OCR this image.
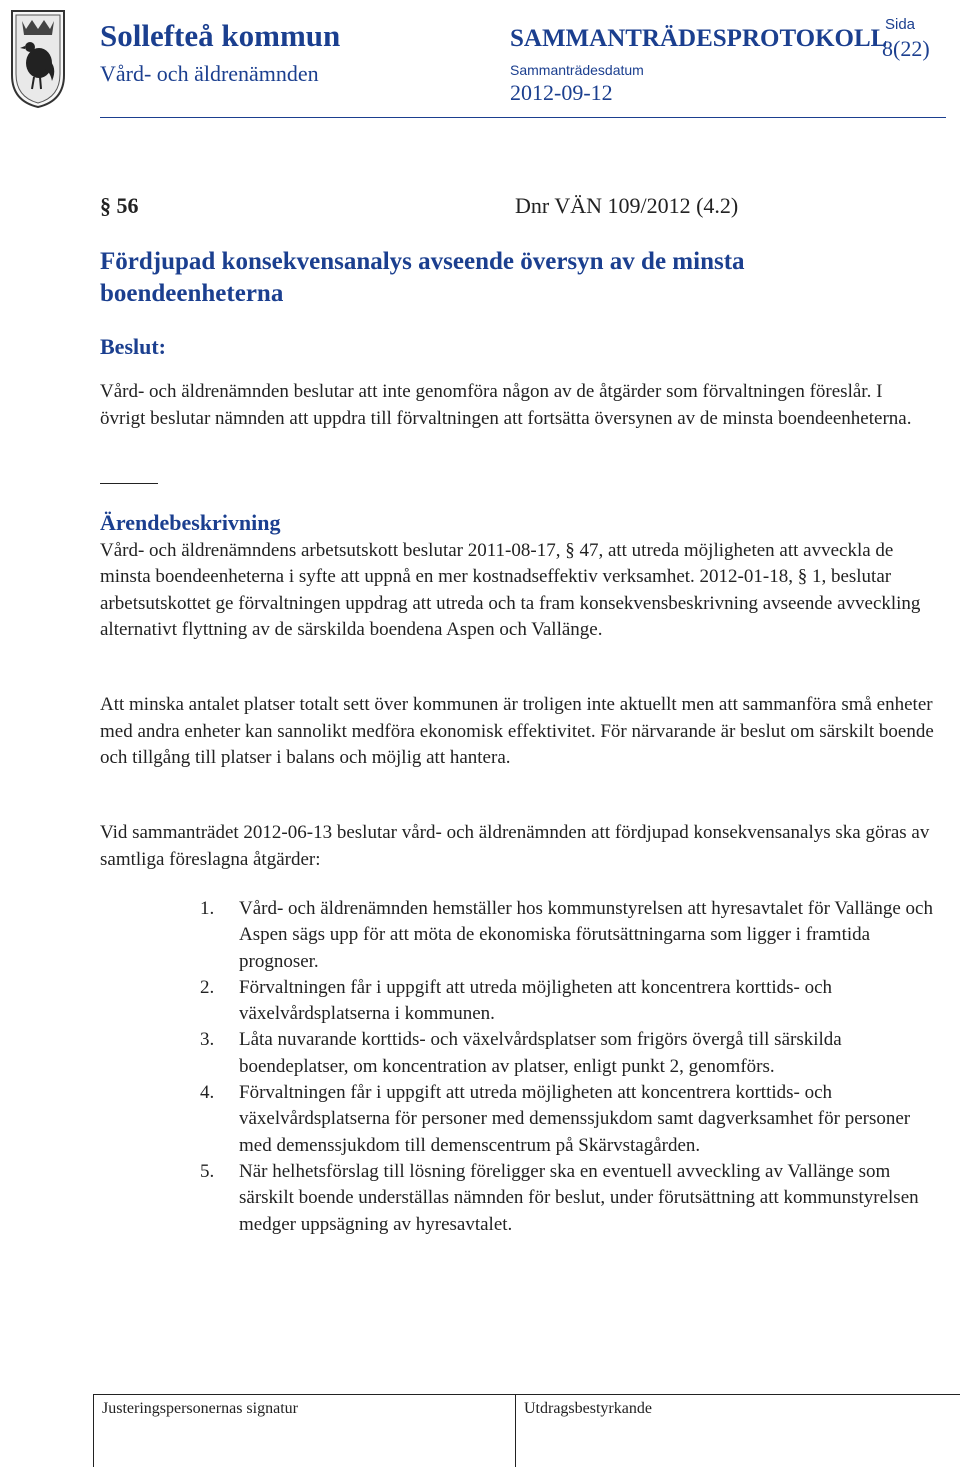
Sollefteå kommun
Vård- och äldrenämnden
SAMMANTRÄDESPROTOKOLL
Sammanträdesdatum
2012-09-12
Sida
8(22)
§ 56	Dnr VÄN 109/2012 (4.2)
Fördjupad konsekvensanalys avseende översyn av de minsta boendeenheterna
Beslut:
Vård- och äldrenämnden beslutar att inte genomföra någon av de åtgärder som förvaltningen föreslår. I övrigt beslutar nämnden att uppdra till förvaltningen att fortsätta översynen av de minsta boendeenheterna.
Ärendebeskrivning
Vård- och äldrenämndens arbetsutskott beslutar 2011-08-17, § 47, att utreda möjligheten att avveckla de minsta boendeenheterna i syfte att uppnå en mer kostnadseffektiv verksamhet. 2012-01-18, § 1, beslutar arbetsutskottet ge förvaltningen uppdrag att utreda och ta fram konsekvensbeskrivning avseende avveckling alternativt flyttning av de särskilda boendena Aspen och Vallänge.
Att minska antalet platser totalt sett över kommunen är troligen inte aktuellt men att sammanföra små enheter med andra enheter kan sannolikt medföra ekonomisk effektivitet. För närvarande är beslut om särskilt boende och tillgång till platser i balans och möjlig att hantera.
Vid sammanträdet 2012-06-13 beslutar vård- och äldrenämnden att fördjupad konsekvensanalys ska göras av samtliga föreslagna åtgärder:
1.	Vård- och äldrenämnden hemställer hos kommunstyrelsen att hyresavtalet för Vallänge och Aspen sägs upp för att möta de ekonomiska förutsättningarna som ligger i framtida prognoser.
2.	Förvaltningen får i uppgift att utreda möjligheten att koncentrera korttids- och växelvårdsplatserna i kommunen.
3.	Låta nuvarande korttids- och växelvårdsplatser som frigörs övergå till särskilda boendeplatser, om koncentration av platser, enligt punkt 2, genomförs.
4.	Förvaltningen får i uppgift att utreda möjligheten att koncentrera korttids- och växelvårdsplatserna för personer med demenssjukdom samt dagverksamhet för personer med demenssjukdom till demenscentrum på Skärvstagården.
5.	När helhetsförslag till lösning föreligger ska en eventuell avveckling av Vallänge som särskilt boende underställas nämnden för beslut, under förutsättning att kommunstyrelsen medger uppsägning av hyresavtalet.
Justeringspersonernas signatur	Utdragsbestyrkande
